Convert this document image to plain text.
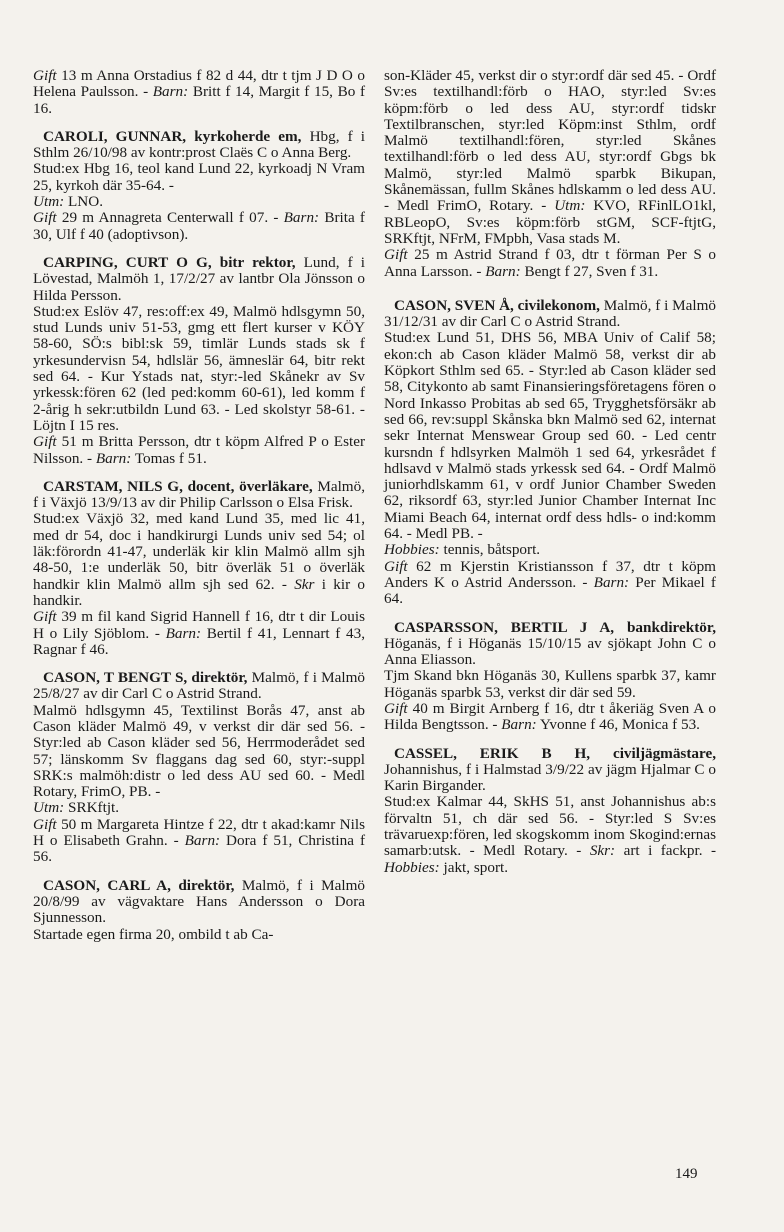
Gift 13 m Anna Orstadius f 82 d 44, dtr t tjm J D O o Helena Paulsson. - Barn: Britt f 14, Margit f 15, Bo f 16.

CAROLI, GUNNAR, kyrkoherde em, Hbg, f i Sthlm 26/10/98 av kontr:prost Claës C o Anna Berg.

Stud:ex Hbg 16, teol kand Lund 22, kyrkoadj N Vram 25, kyrkoh där 35-64. -

Utm: LNO.

Gift 29 m Annagreta Centerwall f 07. - Barn: Brita f 30, Ulf f 40 (adoptivson).

CARPING, CURT O G, bitr rektor, Lund, f i Lövestad, Malmöh 1, 17/2/27 av lantbr Ola Jönsson o Hilda Persson.

Stud:ex Eslöv 47, res:off:ex 49, Malmö hdlsgymn 50, stud Lunds univ 51-53, gmg ett flert kurser v KÖY 58-60, SÖ:s bibl:sk 59, timlär Lunds stads sk f yrkesundervisn 54, hdlslär 56, ämneslär 64, bitr rekt sed 64. - Kur Ystads nat, styr:-led Skånekr av Sv yrkessk:fören 62 (led ped:komm 60-61), led komm f 2-årig h sekr:utbildn Lund 63. - Led skolstyr 58-61. - Löjtn I 15 res.

Gift 51 m Britta Persson, dtr t köpm Alfred P o Ester Nilsson. - Barn: Tomas f 51.

CARSTAM, NILS G, docent, överläkare, Malmö, f i Växjö 13/9/13 av dir Philip Carlsson o Elsa Frisk.

Stud:ex Växjö 32, med kand Lund 35, med lic 41, med dr 54, doc i handkirurgi Lunds univ sed 54; ol läk:förordn 41-47, underläk kir klin Malmö allm sjh 48-50, 1:e underläk 50, bitr överläk 51 o överläk handkir klin Malmö allm sjh sed 62. - Skr i kir o handkir.

Gift 39 m fil kand Sigrid Hannell f 16, dtr t dir Louis H o Lily Sjöblom. - Barn: Bertil f 41, Lennart f 43, Ragnar f 46.

CASON, T BENGT S, direktör, Malmö, f i Malmö 25/8/27 av dir Carl C o Astrid Strand.

Malmö hdlsgymn 45, Textilinst Borås 47, anst ab Cason kläder Malmö 49, v verkst dir där sed 56. - Styr:led ab Cason kläder sed 56, Herrmoderådet sed 57; länskomm Sv flaggans dag sed 60, styr:-suppl SRK:s malmöh:distr o led dess AU sed 60. - Medl Rotary, FrimO, PB. -

Utm: SRKftjt.

Gift 50 m Margareta Hintze f 22, dtr t akad:kamr Nils H o Elisabeth Grahn. - Barn: Dora f 51, Christina f 56.

CASON, CARL A, direktör, Malmö, f i Malmö 20/8/99 av vägvaktare Hans Andersson o Dora Sjunnesson.

Startade egen firma 20, ombild t ab Ca-

son-Kläder 45, verkst dir o styr:ordf där sed 45. - Ordf Sv:es textilhandl:förb o HAO, styr:led Sv:es köpm:förb o led dess AU, styr:ordf tidskr Textilbranschen, styr:led Köpm:inst Sthlm, ordf Malmö textilhandl:fören, styr:led Skånes textilhandl:förb o led dess AU, styr:ordf Gbgs bk Malmö, styr:led Malmö sparbk Bikupan, Skånemässan, fullm Skånes hdlskamm o led dess AU. - Medl FrimO, Rotary. - Utm: KVO, RFinlLO1kl, RBLeopO, Sv:es köpm:förb stGM, SCF-ftjtG, SRKftjt, NFrM, FMpbh, Vasa stads M.

Gift 25 m Astrid Strand f 03, dtr t förman Per S o Anna Larsson. - Barn: Bengt f 27, Sven f 31.

CASON, SVEN Å, civilekonom, Malmö, f i Malmö 31/12/31 av dir Carl C o Astrid Strand.

Stud:ex Lund 51, DHS 56, MBA Univ of Calif 58; ekon:ch ab Cason kläder Malmö 58, verkst dir ab Köpkort Sthlm sed 65. - Styr:led ab Cason kläder sed 58, Citykonto ab samt Finansieringsföretagens fören o Nord Inkasso Probitas ab sed 65, Trygghetsförsäkr ab sed 66, rev:suppl Skånska bkn Malmö sed 62, internat sekr Internat Menswear Group sed 60. - Led centr kursndn f hdlsyrken Malmöh 1 sed 64, yrkesrådet f hdlsavd v Malmö stads yrkessk sed 64. - Ordf Malmö juniorhdlskamm 61, v ordf Junior Chamber Sweden 62, riksordf 63, styr:led Junior Chamber Internat Inc Miami Beach 64, internat ordf dess hdls- o ind:komm 64. - Medl PB. -

Hobbies: tennis, båtsport.

Gift 62 m Kjerstin Kristiansson f 37, dtr t köpm Anders K o Astrid Andersson. - Barn: Per Mikael f 64.

CASPARSSON, BERTIL J A, bankdirektör, Höganäs, f i Höganäs 15/10/15 av sjökapt John C o Anna Eliasson.

Tjm Skand bkn Höganäs 30, Kullens sparbk 37, kamr Höganäs sparbk 53, verkst dir där sed 59.

Gift 40 m Birgit Arnberg f 16, dtr t åkeriäg Sven A o Hilda Bengtsson. - Barn: Yvonne f 46, Monica f 53.

CASSEL, ERIK B H, civiljägmästare, Johannishus, f i Halmstad 3/9/22 av jägm Hjalmar C o Karin Birgander.

Stud:ex Kalmar 44, SkHS 51, anst Johannishus ab:s förvaltn 51, ch där sed 56. - Styr:led S Sv:es trävaruexp:fören, led skogskomm inom Skogind:ernas samarb:utsk. - Medl Rotary. - Skr: art i fackpr. - Hobbies: jakt, sport.

149
